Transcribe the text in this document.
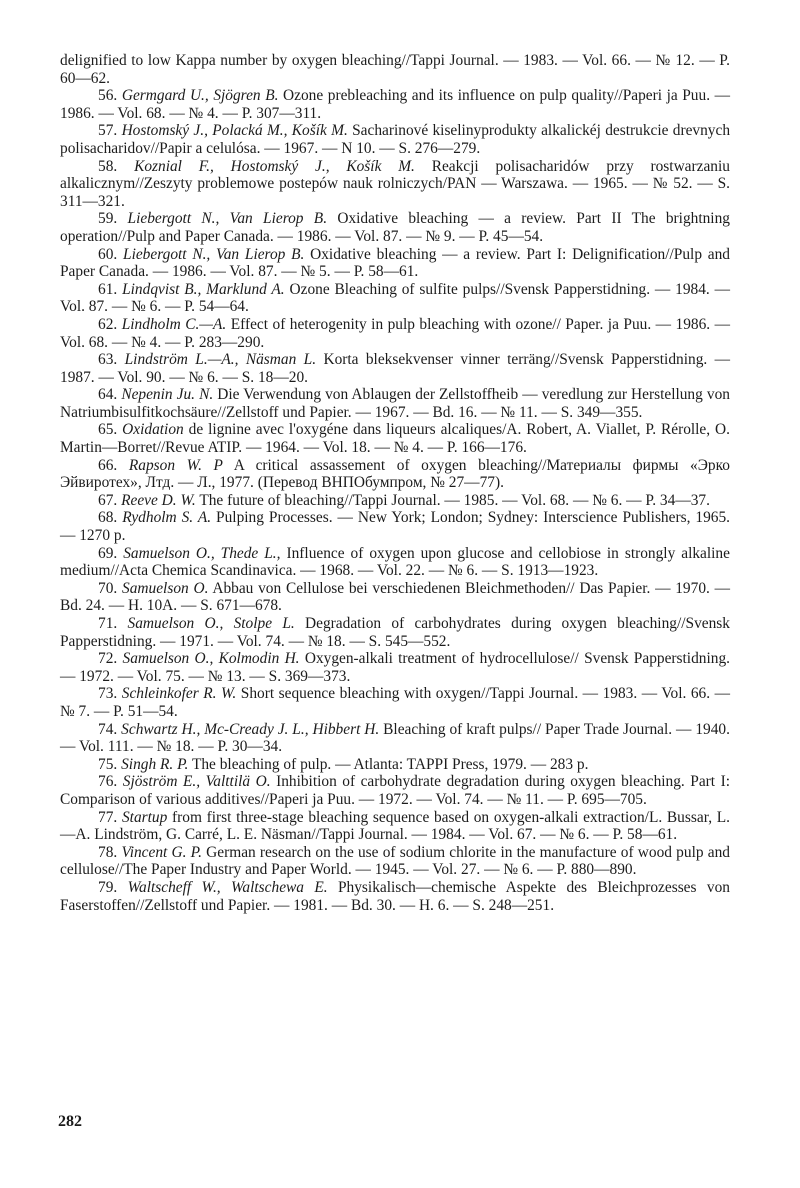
delignified to low Kappa number by oxygen bleaching//Tappi Journal. — 1983. — Vol. 66. — № 12. — P. 60—62.

56. Germgard U., Sjögren B. Ozone prebleaching and its influence on pulp quality//Paperi ja Puu. — 1986. — Vol. 68. — № 4. — P. 307—311.

57. Hostomský J., Polacká M., Košík M. Sacharinové kiselinyprodukty alkalickéj destrukcie drevnych polisacharidov//Papir a celulósa. — 1967. — N 10. — S. 276—279.

58. Koznial F., Hostomský J., Košík M. Reakcji polisacharidów przy rostwarzaniu alkalicznym//Zeszyty problemowe postepów nauk rolniczych/PAN — Warszawa. — 1965. — № 52. — S. 311—321.

59. Liebergott N., Van Lierop B. Oxidative bleaching — a review. Part II The brightning operation//Pulp and Paper Canada. — 1986. — Vol. 87. — № 9. — P. 45—54.

60. Liebergott N., Van Lierop B. Oxidative bleaching — a review. Part I: Delignification//Pulp and Paper Canada. — 1986. — Vol. 87. — № 5. — P. 58—61.

61. Lindqvist B., Marklund A. Ozone Bleaching of sulfite pulps//Svensk Papperstidning. — 1984. — Vol. 87. — № 6. — P. 54—64.

62. Lindholm C.—A. Effect of heterogenity in pulp bleaching with ozone// Paper. ja Puu. — 1986. — Vol. 68. — № 4. — P. 283—290.

63. Lindström L.—A., Näsman L. Korta bleksekvenser vinner terräng//Svensk Papperstidning. — 1987. — Vol. 90. — № 6. — S. 18—20.

64. Nepenin Ju. N. Die Verwendung von Ablaugen der Zellstoffheib — veredlung zur Herstellung von Natriumbisulfitkochsäure//Zellstoff und Papier. — 1967. — Bd. 16. — № 11. — S. 349—355.

65. Oxidation de lignine avec l'oxygéne dans liqueurs alcaliques/A. Robert, A. Viallet, P. Rérolle, O. Martin—Borret//Revue ATIP. — 1964. — Vol. 18. — № 4. — P. 166—176.

66. Rapson W. P A critical assassement of oxygen bleaching//Материалы фирмы «Эрко Эйвиротех», Лтд. — Л., 1977. (Перевод ВНПОбумпром, № 27—77).

67. Reeve D. W. The future of bleaching//Tappi Journal. — 1985. — Vol. 68. — № 6. — P. 34—37.

68. Rydholm S. A. Pulping Processes. — New York; London; Sydney: Interscience Publishers, 1965. — 1270 p.

69. Samuelson O., Thede L., Influence of oxygen upon glucose and cellobiose in strongly alkaline medium//Acta Chemica Scandinavica. — 1968. — Vol. 22. — № 6. — S. 1913—1923.

70. Samuelson O. Abbau von Cellulose bei verschiedenen Bleichmethoden// Das Papier. — 1970. — Bd. 24. — H. 10A. — S. 671—678.

71. Samuelson O., Stolpe L. Degradation of carbohydrates during oxygen bleaching//Svensk Papperstidning. — 1971. — Vol. 74. — № 18. — S. 545—552.

72. Samuelson O., Kolmodin H. Oxygen-alkali treatment of hydrocellulose// Svensk Papperstidning. — 1972. — Vol. 75. — № 13. — S. 369—373.

73. Schleinkofer R. W. Short sequence bleaching with oxygen//Tappi Journal. — 1983. — Vol. 66. — № 7. — P. 51—54.

74. Schwartz H., Mc-Cready J. L., Hibbert H. Bleaching of kraft pulps// Paper Trade Journal. — 1940. — Vol. 111. — № 18. — P. 30—34.

75. Singh R. P. The bleaching of pulp. — Atlanta: TAPPI Press, 1979. — 283 p.

76. Sjöström E., Valttilä O. Inhibition of carbohydrate degradation during oxygen bleaching. Part I: Comparison of various additives//Paperi ja Puu. — 1972. — Vol. 74. — № 11. — P. 695—705.

77. Startup from first three-stage bleaching sequence based on oxygen-alkali extraction/L. Bussar, L.—A. Lindström, G. Carré, L. E. Näsman//Tappi Journal. — 1984. — Vol. 67. — № 6. — P. 58—61.

78. Vincent G. P. German research on the use of sodium chlorite in the manufacture of wood pulp and cellulose//The Paper Industry and Paper World. — 1945. — Vol. 27. — № 6. — P. 880—890.

79. Waltscheff W., Waltschewa E. Physikalisch—chemische Aspekte des Bleichprozesses von Faserstoffen//Zellstoff und Papier. — 1981. — Bd. 30. — H. 6. — S. 248—251.

282
